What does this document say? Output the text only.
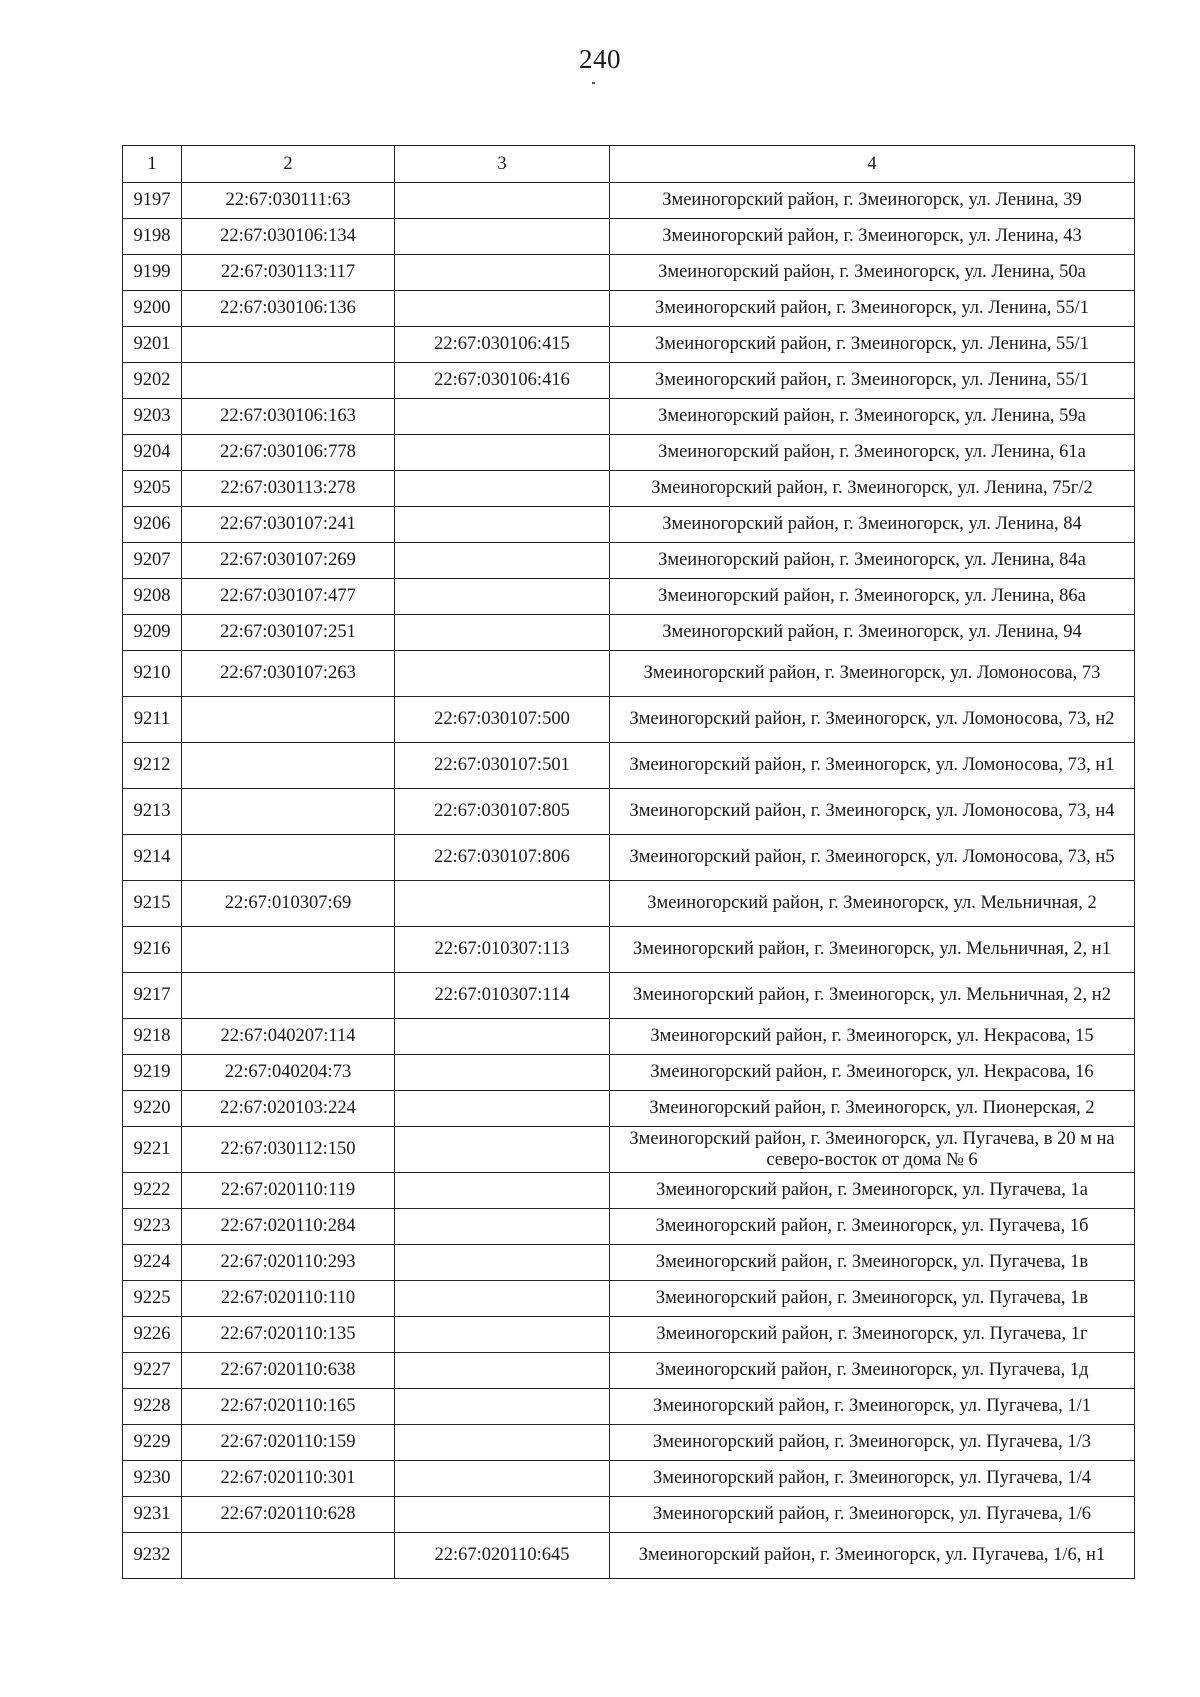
240
1	2	3	4
9197	22:67:030111:63		Змеиногорский район, г. Змеиногорск, ул. Ленина, 39
9198	22:67:030106:134		Змеиногорский район, г. Змеиногорск, ул. Ленина, 43
9199	22:67:030113:117		Змеиногорский район, г. Змеиногорск, ул. Ленина, 50а
9200	22:67:030106:136		Змеиногорский район, г. Змеиногорск, ул. Ленина, 55/1
9201		22:67:030106:415	Змеиногорский район, г. Змеиногорск, ул. Ленина, 55/1
9202		22:67:030106:416	Змеиногорский район, г. Змеиногорск, ул. Ленина, 55/1
9203	22:67:030106:163		Змеиногорский район, г. Змеиногорск, ул. Ленина, 59а
9204	22:67:030106:778		Змеиногорский район, г. Змеиногорск, ул. Ленина, 61а
9205	22:67:030113:278		Змеиногорский район, г. Змеиногорск, ул. Ленина, 75г/2
9206	22:67:030107:241		Змеиногорский район, г. Змеиногорск, ул. Ленина, 84
9207	22:67:030107:269		Змеиногорский район, г. Змеиногорск, ул. Ленина, 84а
9208	22:67:030107:477		Змеиногорский район, г. Змеиногорск, ул. Ленина, 86а
9209	22:67:030107:251		Змеиногорский район, г. Змеиногорск, ул. Ленина, 94
9210	22:67:030107:263		Змеиногорский район, г. Змеиногорск, ул. Ломоносова, 73
9211		22:67:030107:500	Змеиногорский район, г. Змеиногорск, ул. Ломоносова, 73, н2
9212		22:67:030107:501	Змеиногорский район, г. Змеиногорск, ул. Ломоносова, 73, н1
9213		22:67:030107:805	Змеиногорский район, г. Змеиногорск, ул. Ломоносова, 73, н4
9214		22:67:030107:806	Змеиногорский район, г. Змеиногорск, ул. Ломоносова, 73, н5
9215	22:67:010307:69		Змеиногорский район, г. Змеиногорск, ул. Мельничная, 2
9216		22:67:010307:113	Змеиногорский район, г. Змеиногорск, ул. Мельничная, 2, н1
9217		22:67:010307:114	Змеиногорский район, г. Змеиногорск, ул. Мельничная, 2, н2
9218	22:67:040207:114		Змеиногорский район, г. Змеиногорск, ул. Некрасова, 15
9219	22:67:040204:73		Змеиногорский район, г. Змеиногорск, ул. Некрасова, 16
9220	22:67:020103:224		Змеиногорский район, г. Змеиногорск, ул. Пионерская, 2
9221	22:67:030112:150		Змеиногорский район, г. Змеиногорск, ул. Пугачева, в 20 м на северо-восток от дома № 6
9222	22:67:020110:119		Змеиногорский район, г. Змеиногорск, ул. Пугачева, 1а
9223	22:67:020110:284		Змеиногорский район, г. Змеиногорск, ул. Пугачева, 1б
9224	22:67:020110:293		Змеиногорский район, г. Змеиногорск, ул. Пугачева, 1в
9225	22:67:020110:110		Змеиногорский район, г. Змеиногорск, ул. Пугачева, 1в
9226	22:67:020110:135		Змеиногорский район, г. Змеиногорск, ул. Пугачева, 1г
9227	22:67:020110:638		Змеиногорский район, г. Змеиногорск, ул. Пугачева, 1д
9228	22:67:020110:165		Змеиногорский район, г. Змеиногорск, ул. Пугачева, 1/1
9229	22:67:020110:159		Змеиногорский район, г. Змеиногорск, ул. Пугачева, 1/3
9230	22:67:020110:301		Змеиногорский район, г. Змеиногорск, ул. Пугачева, 1/4
9231	22:67:020110:628		Змеиногорский район, г. Змеиногорск, ул. Пугачева, 1/6
9232		22:67:020110:645	Змеиногорский район, г. Змеиногорск, ул. Пугачева, 1/6, н1
